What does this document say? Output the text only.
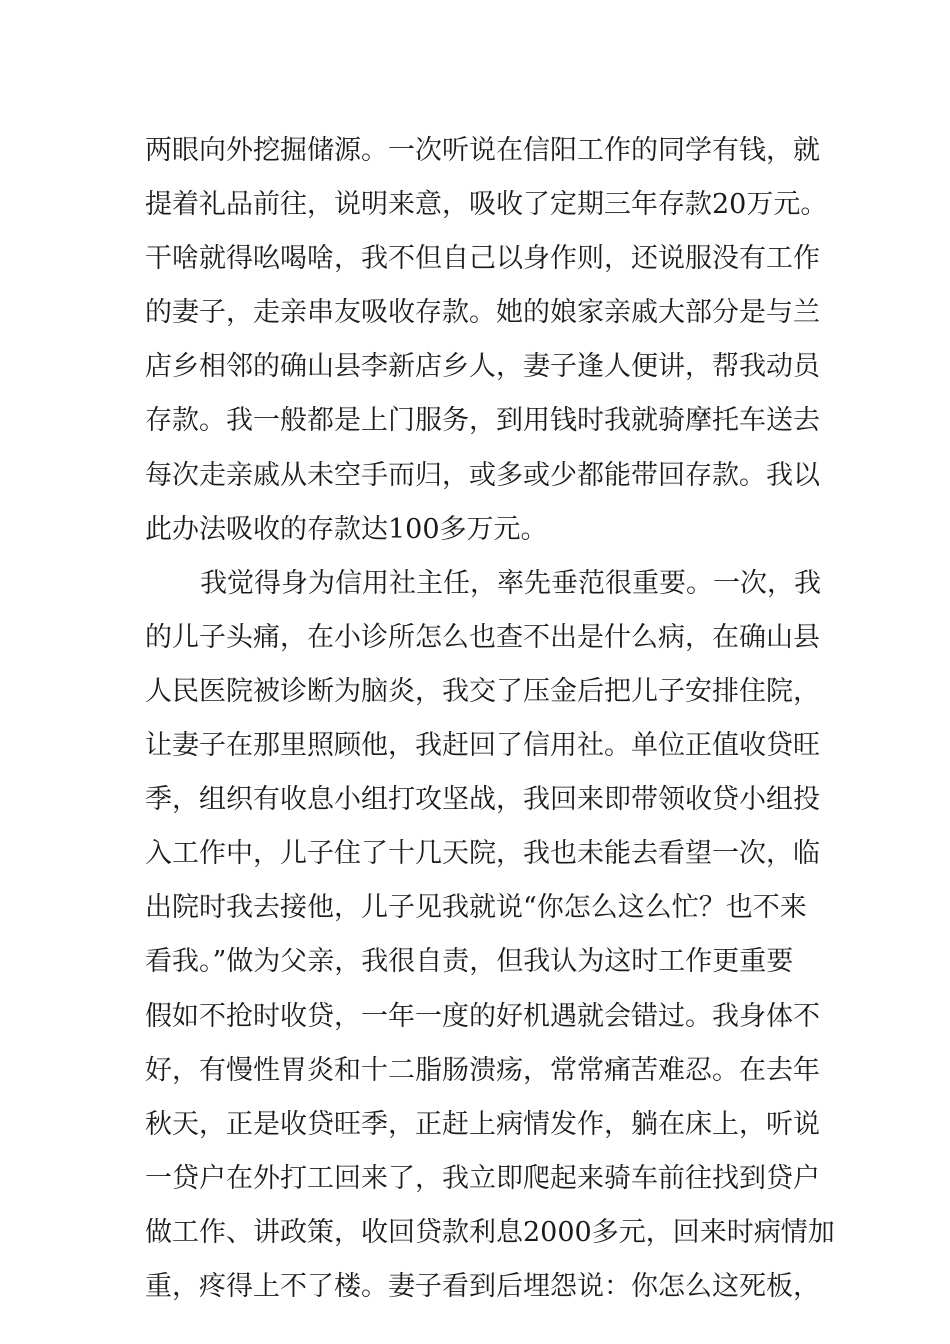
两眼向外挖掘储源。一次听说在信阳工作的同学有钱，就
提着礼品前往，说明来意，吸收了定期三年存款20万元。
干啥就得吆喝啥，我不但自己以身作则，还说服没有工作
的妻子，走亲串友吸收存款。她的娘家亲戚大部分是与兰
店乡相邻的确山县李新店乡人，妻子逢人便讲，帮我动员
存款。我一般都是上门服务，到用钱时我就骑摩托车送去
每次走亲戚从未空手而归，或多或少都能带回存款。我以
此办法吸收的存款达100多万元。
我觉得身为信用社主任，率先垂范很重要。一次，我
的儿子头痛，在小诊所怎么也查不出是什么病，在确山县
人民医院被诊断为脑炎，我交了压金后把儿子安排住院，
让妻子在那里照顾他，我赶回了信用社。单位正值收贷旺
季，组织有收息小组打攻坚战，我回来即带领收贷小组投
入工作中，儿子住了十几天院，我也未能去看望一次，临
出院时我去接他，儿子见我就说“你怎么这么忙？也不来
看我。”做为父亲，我很自责，但我认为这时工作更重要
假如不抢时收贷，一年一度的好机遇就会错过。我身体不
好，有慢性胃炎和十二脂肠溃疡，常常痛苦难忍。在去年
秋天，正是收贷旺季，正赶上病情发作，躺在床上，听说
一贷户在外打工回来了，我立即爬起来骑车前往找到贷户
做工作、讲政策，收回贷款利息2000多元，回来时病情加
重，疼得上不了楼。妻子看到后埋怨说：你怎么这死板，
